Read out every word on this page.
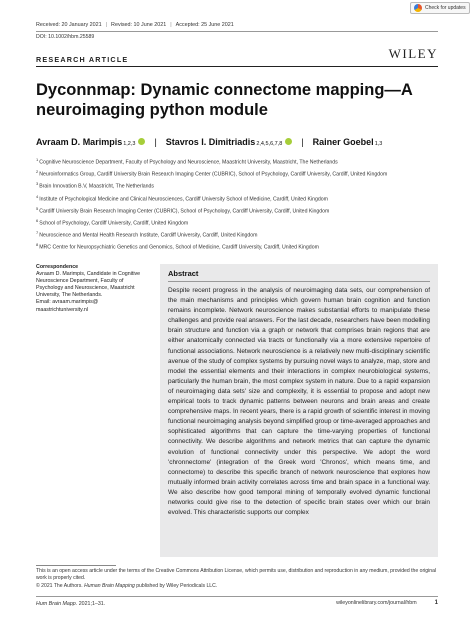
Check for updates
Received: 20 January 2021 | Revised: 10 June 2021 | Accepted: 25 June 2021
DOI: 10.1002/hbm.25589
WILEY
RESEARCH ARTICLE
Dyconnmap: Dynamic connectome mapping—A neuroimaging python module
Avraam D. Marimpis$_{1,2,3}$ | Stavros I. Dimitriadis$_{2,4,5,6,7,8}$ | Rainer Goebel$_{1,3}$
$^1$Cognitive Neuroscience Department, Faculty of Psychology and Neuroscience, Maastricht University, Maastricht, The Netherlands
$^2$Neuroinformatics Group, Cardiff University Brain Research Imaging Center (CUBRIC), School of Psychology, Cardiff University, Cardiff, United Kingdom
$^3$Brain Innovation B.V, Maastricht, The Netherlands
$^4$Institute of Psychological Medicine and Clinical Neurosciences, Cardiff University School of Medicine, Cardiff, United Kingdom
$^5$Cardiff University Brain Research Imaging Center (CUBRIC), School of Psychology, Cardiff University, Cardiff, United Kingdom
$^6$School of Psychology, Cardiff University, Cardiff, United Kingdom
$^7$Neuroscience and Mental Health Research Institute, Cardiff University, Cardiff, United Kingdom
$^8$MRC Centre for Neuropsychiatric Genetics and Genomics, School of Medicine, Cardiff University, Cardiff, United Kingdom
Correspondence
Avraam D. Marimpis, Candidate in Cognitive
Neuroscience Department, Faculty of
Psychology and Neuroscience, Maastricht
University, The Netherlands.
Email: avraam.marimpis@
maastrichtuniversity.nl
Abstract

Despite recent progress in the analysis of neuroimaging data sets, our comprehension of the main mechanisms and principles which govern human brain cognition and function remains incomplete. Network neuroscience makes substantial efforts to manipulate these challenges and provide real answers. For the last decade, researchers have been modelling brain structure and function via a graph or network that comprises brain regions that are either anatomically connected via tracts or functionally via a more extensive repertoire of functional associations. Network neuroscience is a relatively new multi-disciplinary scientific avenue of the study of complex systems by pursuing novel ways to analyze, map, store and model the essential elements and their interactions in complex neurobiological systems, particularly the human brain, the most complex system in nature. Due to a rapid expansion of neuroimaging data sets' size and complexity, it is essential to propose and adopt new empirical tools to track dynamic patterns between neurons and brain areas and create comprehensive maps. In recent years, there is a rapid growth of scientific interest in moving functional neuroimaging analysis beyond simplified group or time-averaged approaches and sophisticated algorithms that can capture the time-varying properties of functional connectivity. We describe algorithms and network metrics that can capture the dynamic evolution of functional connectivity under this perspective. We adopt the word 'chronnectome' (integration of the Greek word 'Chronos', which means time, and connectome) to describe this specific branch of network neuroscience that explores how mutually informed brain activity correlates across time and brain space in a functional way. We also describe how good temporal mining of temporally evolved dynamic functional networks could give rise to the detection of specific brain states over which our brain evolved. This characteristic supports our complex

This is an open access article under the terms of the Creative Commons Attribution License, which permits use, distribution and reproduction in any medium, provided the original work is properly cited.
© 2021 The Authors. Human Brain Mapping published by Wiley Periodicals LLC.
Hum Brain Mapp. 2021;1–31.	wileyonlinelibrary.com/journal/hbm	1
